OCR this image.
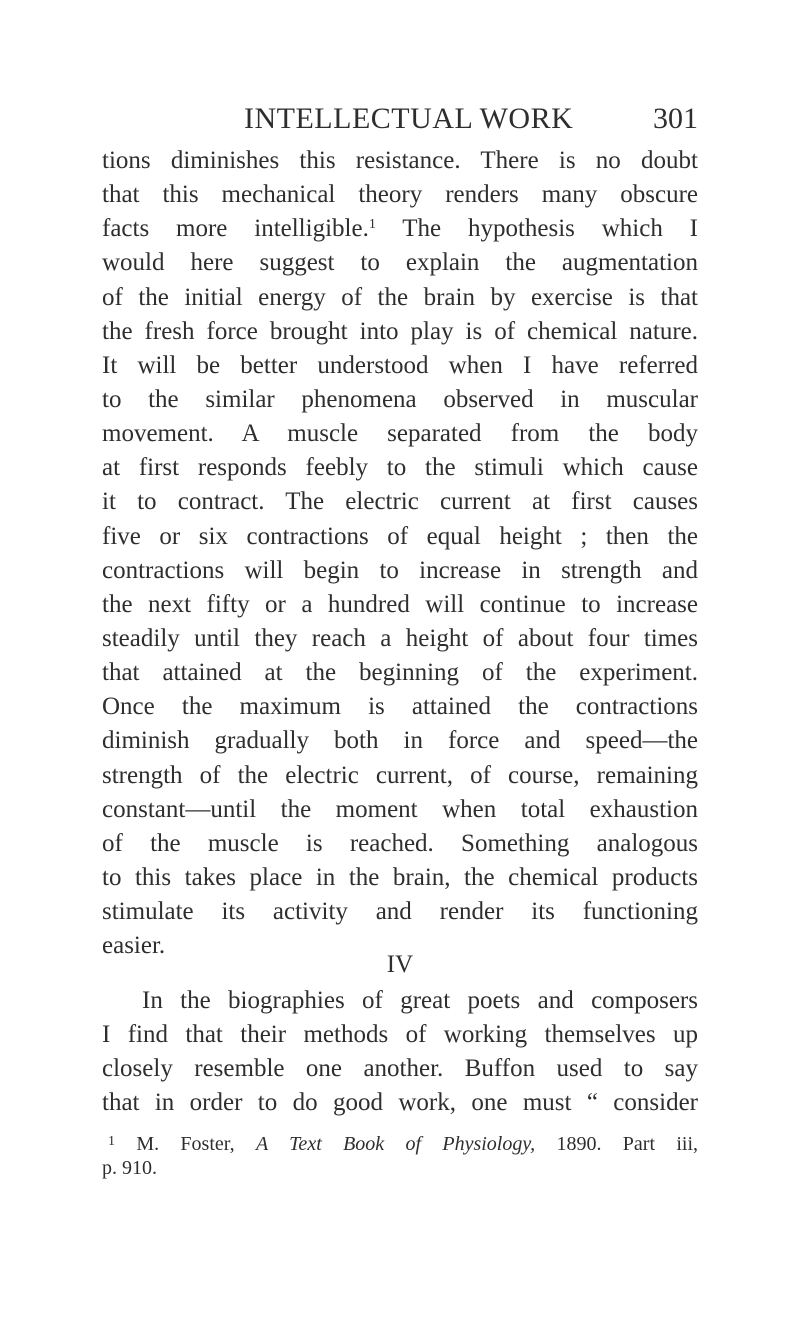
INTELLECTUAL WORK	301
tions diminishes this resistance. There is no doubt
that this mechanical theory renders many obscure
facts more intelligible.$^1$ The hypothesis which I
would here suggest to explain the augmentation
of the initial energy of the brain by exercise is that
the fresh force brought into play is of chemical nature.
It will be better understood when I have referred
to the similar phenomena observed in muscular
movement. A muscle separated from the body
at first responds feebly to the stimuli which cause
it to contract. The electric current at first causes
five or six contractions of equal height ; then the
contractions will begin to increase in strength and
the next fifty or a hundred will continue to increase
steadily until they reach a height of about four times
that attained at the beginning of the experiment.
Once the maximum is attained the contractions
diminish gradually both in force and speed—the
strength of the electric current, of course, remaining
constant—until the moment when total exhaustion
of the muscle is reached. Something analogous
to this takes place in the brain, the chemical products
stimulate its activity and render its functioning
easier.
IV
In the biographies of great poets and composers
I find that their methods of working themselves up
closely resemble one another. Buffon used to say
that in order to do good work, one must “ consider
$^1$ M. Foster, A Text Book of Physiology, 1890. Part iii,
p. 910.
